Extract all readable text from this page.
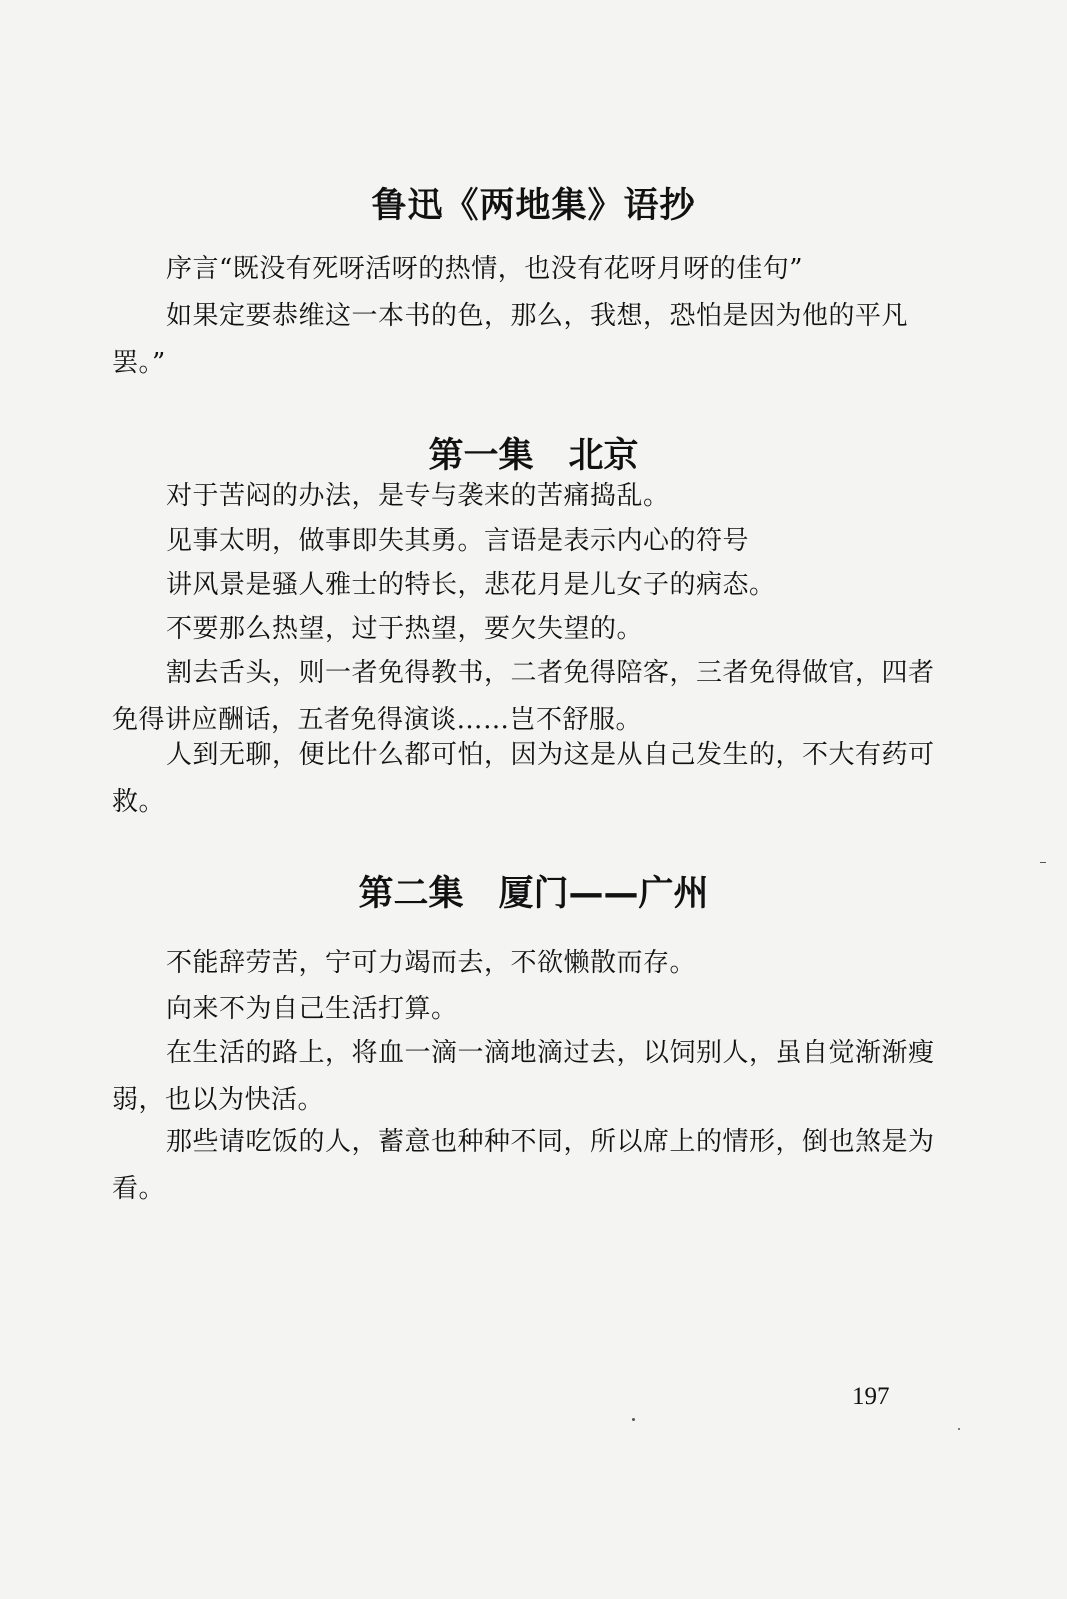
鲁迅《两地集》语抄
序言“既没有死呀活呀的热情，也没有花呀月呀的佳句”
如果定要恭维这一本书的色，那么，我想，恐怕是因为他的平凡罢。”
第一集　北京
对于苦闷的办法，是专与袭来的苦痛捣乱。
见事太明，做事即失其勇。言语是表示内心的符号
讲风景是骚人雅士的特长，悲花月是儿女子的病态。
不要那么热望，过于热望，要欠失望的。
割去舌头，则一者免得教书，二者免得陪客，三者免得做官，四者免得讲应酬话，五者免得演谈……岂不舒服。
人到无聊，便比什么都可怕，因为这是从自己发生的，不大有药可救。
第二集　厦门——广州
不能辞劳苦，宁可力竭而去，不欲懒散而存。
向来不为自己生活打算。
在生活的路上，将血一滴一滴地滴过去，以饲别人，虽自觉渐渐瘦弱，也以为快活。
那些请吃饭的人，蓄意也种种不同，所以席上的情形，倒也煞是为看。
197
